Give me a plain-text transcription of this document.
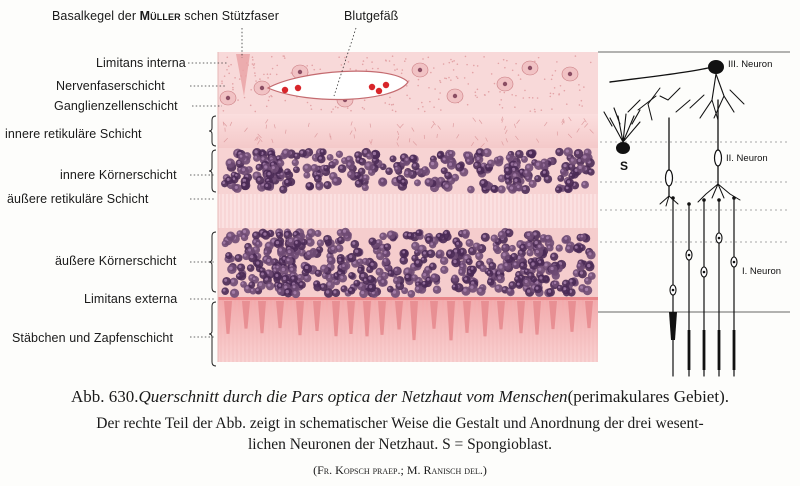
III. Neuron
II. Neuron
I. Neuron
S
Basalkegel der Müller schen Stützfaser	Blutgefäß
Limitans interna
Nervenfaserschicht
Ganglienzellenschicht
innere retikuläre Schicht
innere Körnerschicht
äußere retikuläre Schicht
äußere Körnerschicht
Limitans externa
Stäbchen und Zapfenschicht
Abb. 630.Querschnitt durch die Pars optica der Netzhaut vom Menschen(perimakulares Gebiet).
Der rechte Teil der Abb. zeigt in schematischer Weise die Gestalt und Anordnung der drei wesent-
lichen Neuronen der Netzhaut. S = Spongioblast.
(Fr. Kopsch praep.; M. Ranisch del.)
